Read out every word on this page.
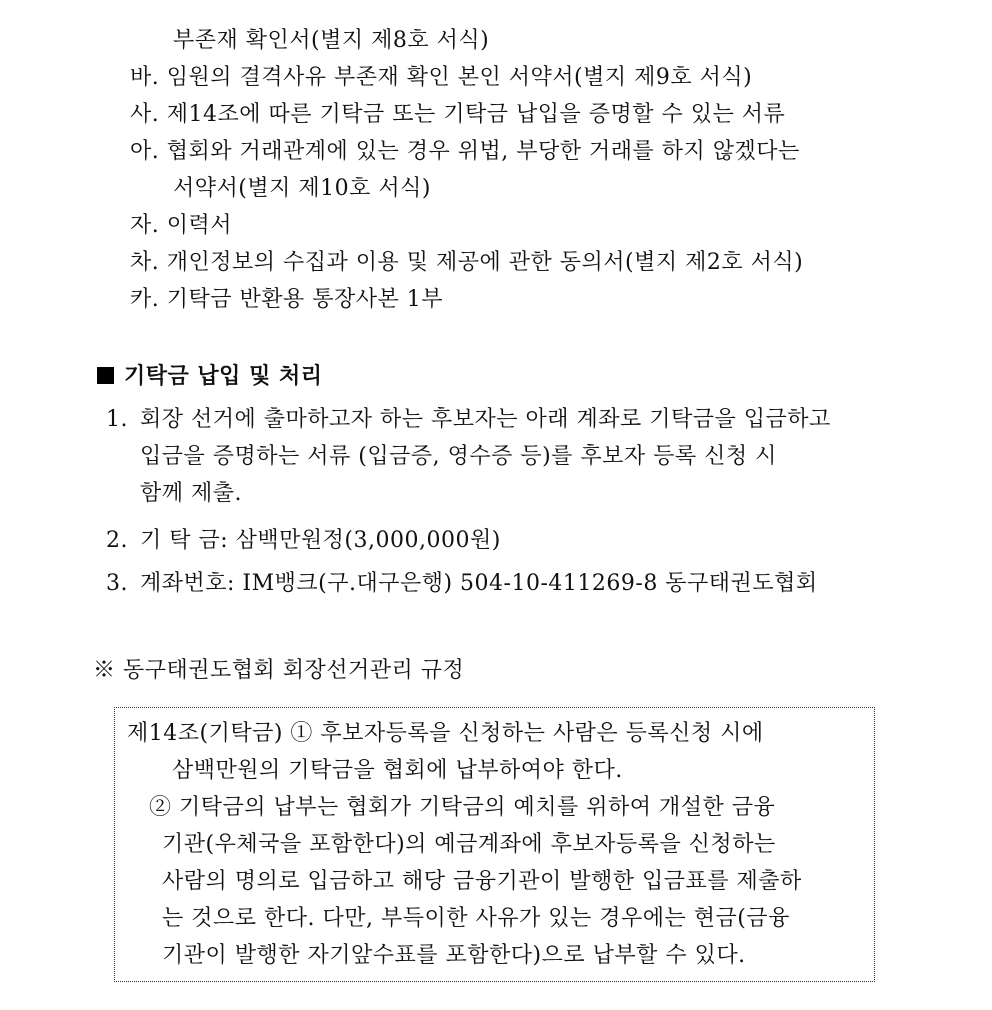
부존재 확인서(별지 제8호 서식)
바. 임원의 결격사유 부존재 확인 본인 서약서(별지 제9호 서식)
사. 제14조에 따른 기탁금 또는 기탁금 납입을 증명할 수 있는 서류
아. 협회와 거래관계에 있는 경우 위법, 부당한 거래를 하지 않겠다는
서약서(별지 제10호 서식)
자. 이력서
차. 개인정보의 수집과 이용 및 제공에 관한 동의서(별지 제2호 서식)
카. 기탁금 반환용 통장사본 1부
기탁금 납입 및 처리
1. 회장 선거에 출마하고자 하는 후보자는 아래 계좌로 기탁금을 입금하고
입금을 증명하는 서류 (입금증, 영수증 등)를 후보자 등록 신청 시
함께 제출.
2. 기 탁 금: 삼백만원정(3,000,000원)
3. 계좌번호: IM뱅크(구.대구은행) 504-10-411269-8 동구태권도협회
※ 동구태권도협회 회장선거관리 규정
제14조(기탁금) ① 후보자등록을 신청하는 사람은 등록신청 시에
삼백만원의 기탁금을 협회에 납부하여야 한다.
② 기탁금의 납부는 협회가 기탁금의 예치를 위하여 개설한 금융
기관(우체국을 포함한다)의 예금계좌에 후보자등록을 신청하는
사람의 명의로 입금하고 해당 금융기관이 발행한 입금표를 제출하
는 것으로 한다. 다만, 부득이한 사유가 있는 경우에는 현금(금융
기관이 발행한 자기앞수표를 포함한다)으로 납부할 수 있다.
